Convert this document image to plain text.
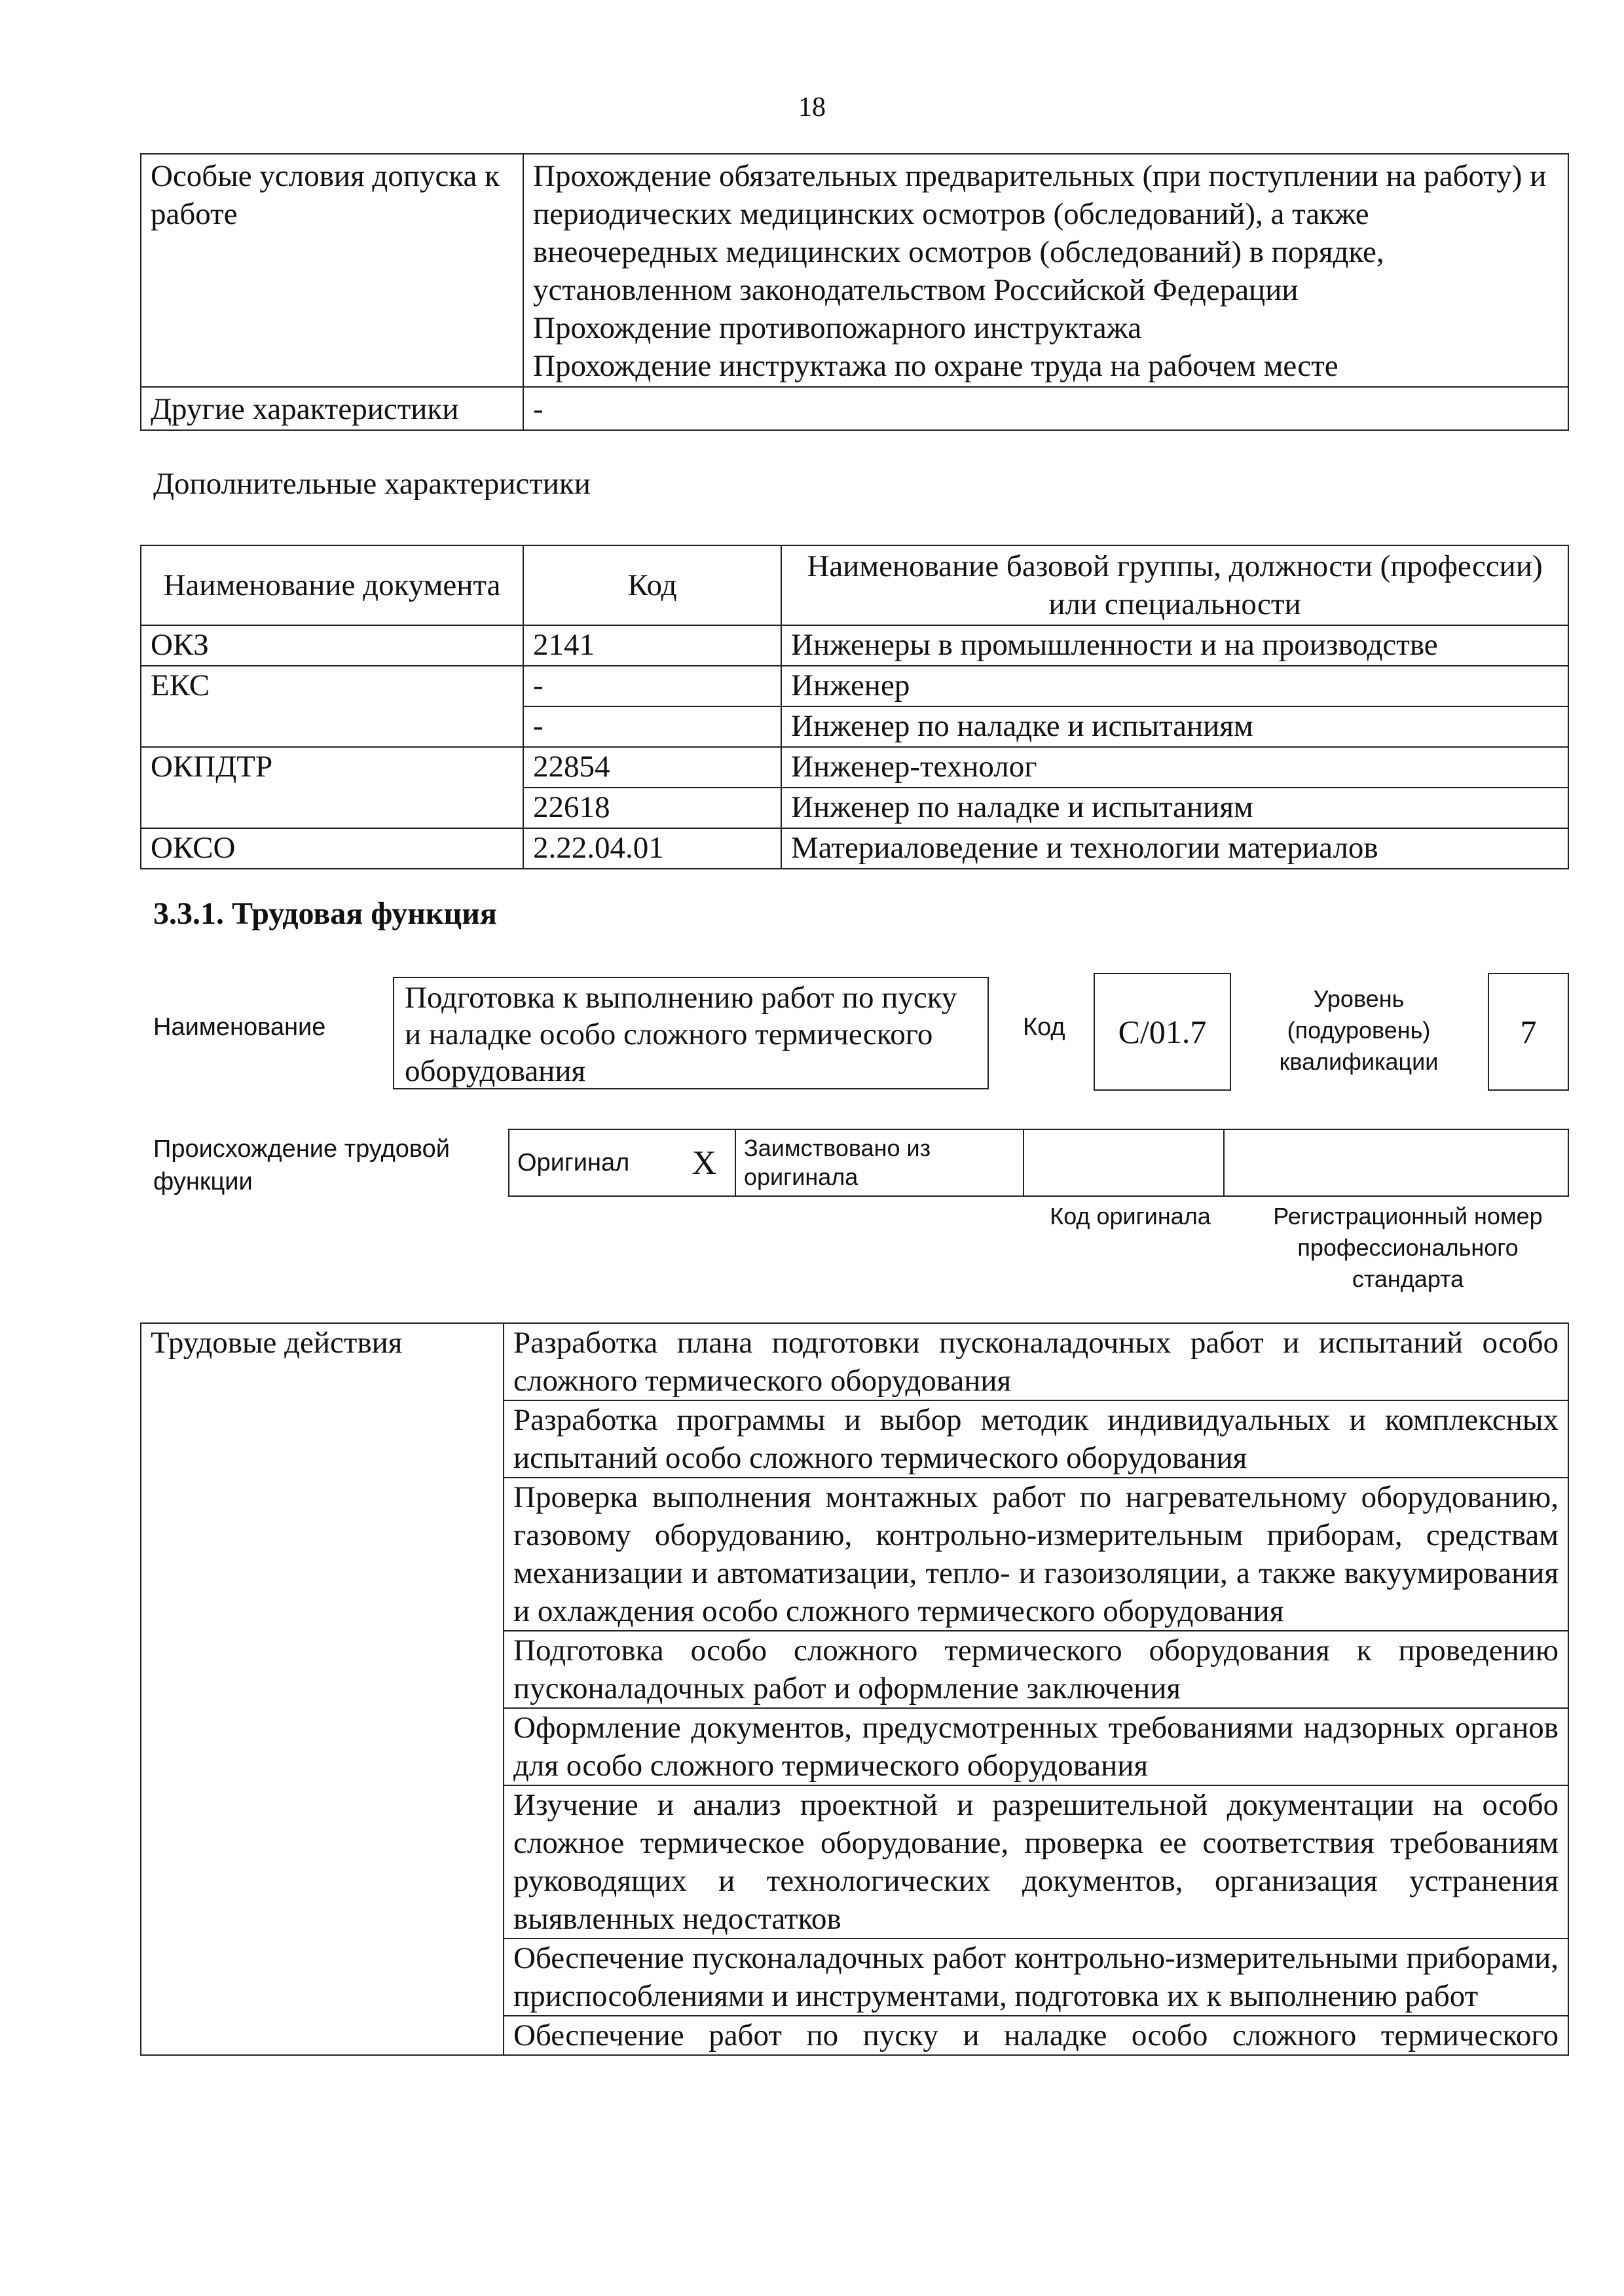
18
Особые условия допуска к работе	Прохождение обязательных предварительных (при поступлении на работу) и периодических медицинских осмотров (обследований), а также внеочередных медицинских осмотров (обследований) в порядке, установленном законодательством Российской Федерации
Прохождение противопожарного инструктажа
Прохождение инструктажа по охране труда на рабочем месте

Другие характеристики	-
Дополнительные характеристики
Наименование документа	Код	Наименование базовой группы, должности (профессии) или специальности
ОКЗ	2141	Инженеры в промышленности и на производстве
ЕКС	-	Инженер
	-	Инженер по наладке и испытаниям
ОКПДТР	22854	Инженер-технолог
	22618	Инженер по наладке и испытаниям
ОКСО	2.22.04.01	Материаловедение и технологии материалов
3.3.1. Трудовая функция
Наименование
Подготовка к выполнению работ по пуску и наладке особо сложного термического оборудования
Код	C/01.7
Уровень (подуровень) квалификации
7
Происхождение трудовой функции
Оригинал	X	Заимствовано из оригинала		
Код оригинала	Регистрационный номер профессионального стандарта
Трудовые действия	Разработка плана подготовки пусконаладочных работ и испытаний особо сложного термического оборудования
Разработка программы и выбор методик индивидуальных и комплексных испытаний особо сложного термического оборудования
Проверка выполнения монтажных работ по нагревательному оборудованию, газовому оборудованию, контрольно-измерительным приборам, средствам механизации и автоматизации, тепло- и газоизоляции, а также вакуумирования и охлаждения особо сложного термического оборудования
Подготовка особо сложного термического оборудования к проведению пусконаладочных работ и оформление заключения
Оформление документов, предусмотренных требованиями надзорных органов для особо сложного термического оборудования
Изучение и анализ проектной и разрешительной документации на особо сложное термическое оборудование, проверка ее соответствия требованиям руководящих и технологических документов, организация устранения выявленных недостатков
Обеспечение пусконаладочных работ контрольно-измерительными приборами, приспособлениями и инструментами, подготовка их к выполнению работ
Обеспечение работ по пуску и наладке особо сложного термического
